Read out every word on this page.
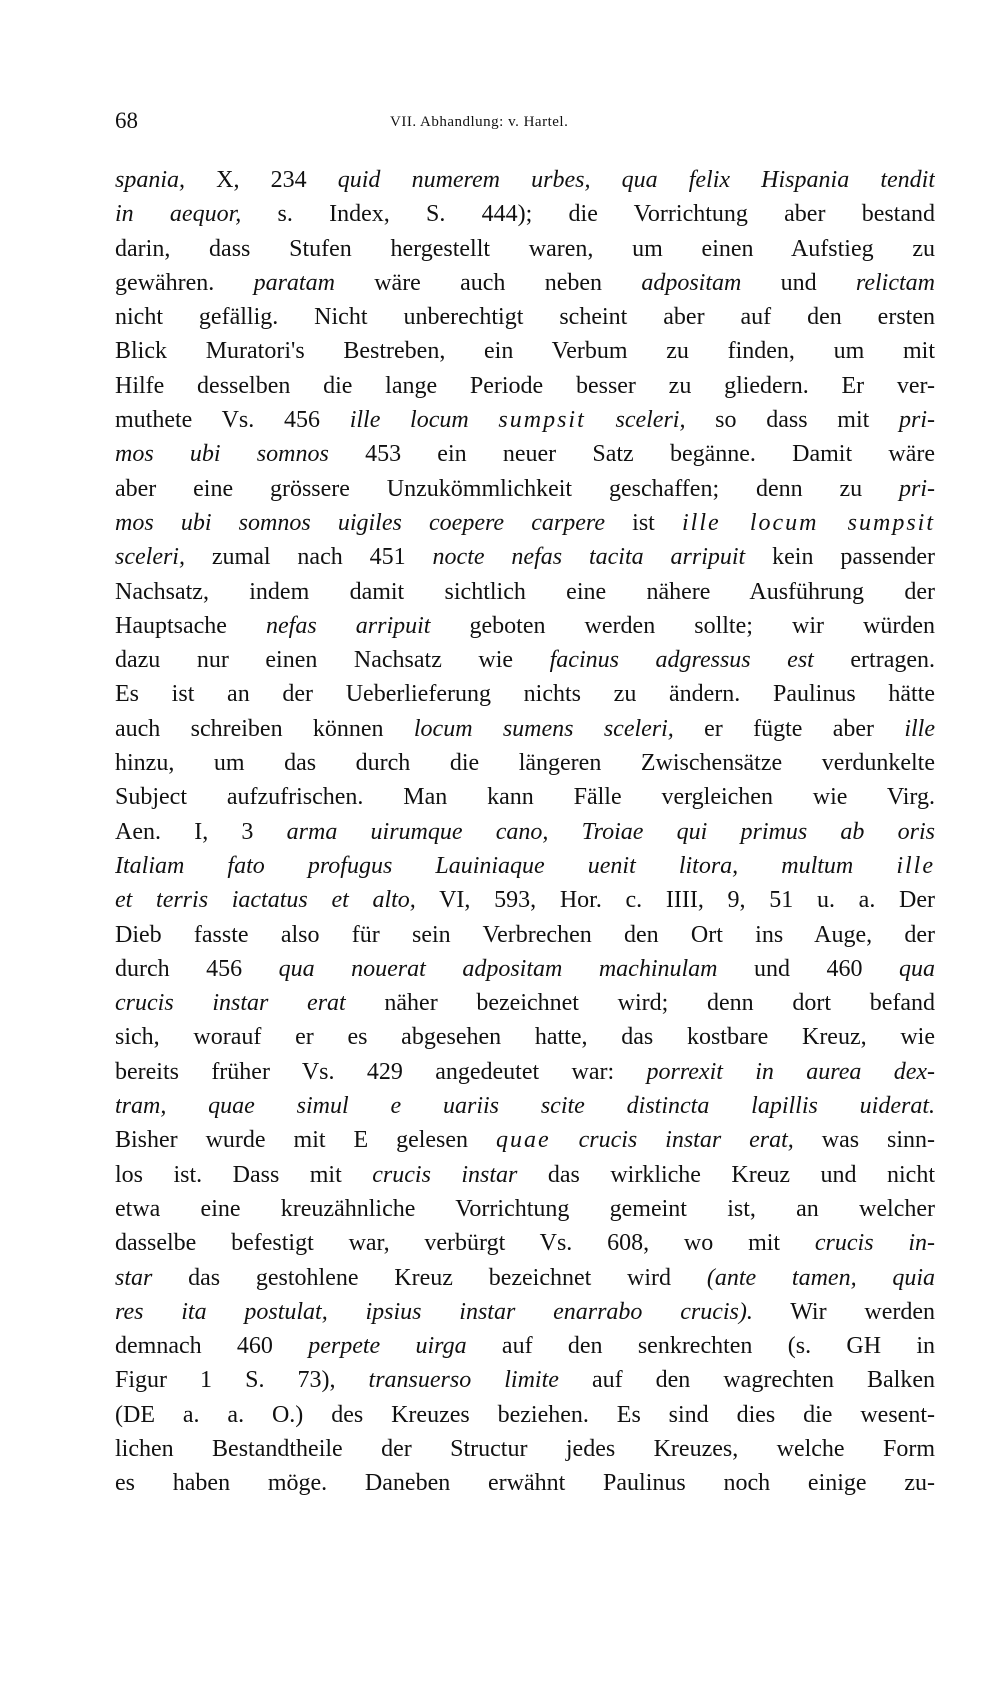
68	VII. Abhandlung: v. Hartel.
spania, X, 234 quid numerem urbes, qua felix Hispania tendit
in aequor, s. Index, S. 444); die Vorrichtung aber bestand
darin, dass Stufen hergestellt waren, um einen Aufstieg zu
gewähren. paratam wäre auch neben adpositam und relictam
nicht gefällig. Nicht unberechtigt scheint aber auf den ersten
Blick Muratori's Bestreben, ein Verbum zu finden, um mit
Hilfe desselben die lange Periode besser zu gliedern. Er ver-
muthete Vs. 456 ille locum sumpsit sceleri, so dass mit pri-
mos ubi somnos 453 ein neuer Satz begänne. Damit wäre
aber eine grössere Unzukömmlichkeit geschaffen; denn zu pri-
mos ubi somnos uigiles coepere carpere ist ille locum sumpsit
sceleri, zumal nach 451 nocte nefas tacita arripuit kein passender
Nachsatz, indem damit sichtlich eine nähere Ausführung der
Hauptsache nefas arripuit geboten werden sollte; wir würden
dazu nur einen Nachsatz wie facinus adgressus est ertragen.
Es ist an der Ueberlieferung nichts zu ändern. Paulinus hätte
auch schreiben können locum sumens sceleri, er fügte aber ille
hinzu, um das durch die längeren Zwischensätze verdunkelte
Subject aufzufrischen. Man kann Fälle vergleichen wie Virg.
Aen. I, 3 arma uirumque cano, Troiae qui primus ab oris
Italiam fato profugus Lauiniaque uenit litora, multum ille
et terris iactatus et alto, VI, 593, Hor. c. IIII, 9, 51 u. a. Der
Dieb fasste also für sein Verbrechen den Ort ins Auge, der
durch 456 qua nouerat adpositam machinulam und 460 qua
crucis instar erat näher bezeichnet wird; denn dort befand
sich, worauf er es abgesehen hatte, das kostbare Kreuz, wie
bereits früher Vs. 429 angedeutet war: porrexit in aurea dex-
tram, quae simul e uariis scite distincta lapillis uiderat.
Bisher wurde mit E gelesen quae crucis instar erat, was sinn-
los ist. Dass mit crucis instar das wirkliche Kreuz und nicht
etwa eine kreuzähnliche Vorrichtung gemeint ist, an welcher
dasselbe befestigt war, verbürgt Vs. 608, wo mit crucis in-
star das gestohlene Kreuz bezeichnet wird (ante tamen, quia
res ita postulat, ipsius instar enarrabo crucis). Wir werden
demnach 460 perpete uirga auf den senkrechten (s. GH in
Figur 1 S. 73), transuerso limite auf den wagrechten Balken
(DE a. a. O.) des Kreuzes beziehen. Es sind dies die wesent-
lichen Bestandtheile der Structur jedes Kreuzes, welche Form
es haben möge. Daneben erwähnt Paulinus noch einige zu-
